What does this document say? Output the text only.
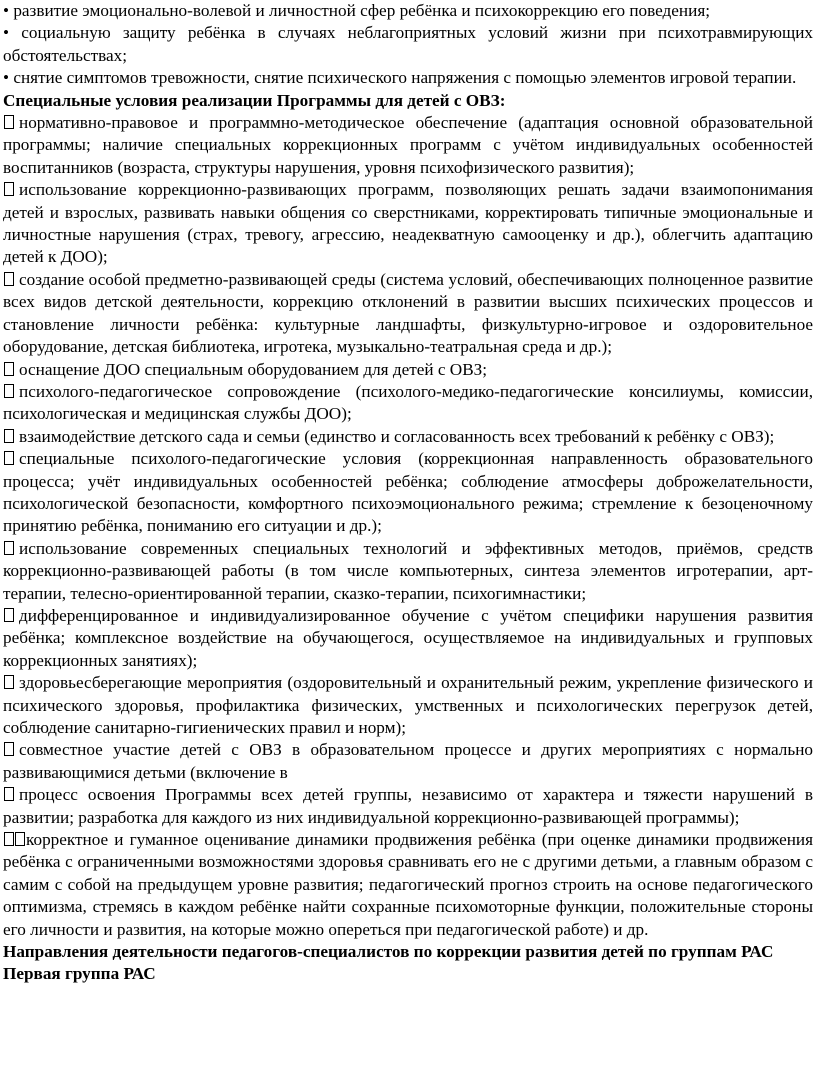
• развитие эмоционально-волевой и личностной сфер ребёнка и психокоррекцию его поведения;

• социальную защиту ребёнка в случаях неблагоприятных условий жизни при психотравмирующих обстоятельствах;

• снятие симптомов тревожности, снятие психического напряжения с помощью элементов игровой терапии.

Специальные условия реализации Программы для детей с ОВЗ:

нормативно-правовое и программно-методическое обеспечение (адаптация основной образовательной программы; наличие специальных коррекционных программ с учётом индивидуальных особенностей воспитанников (возраста, структуры нарушения, уровня психофизического развития);

использование коррекционно-развивающих программ, позволяющих решать задачи взаимопонимания детей и взрослых, развивать навыки общения со сверстниками, корректировать типичные эмоциональные и личностные нарушения (страх, тревогу, агрессию, неадекватную самооценку и др.), облегчить адаптацию детей к ДОО);

создание особой предметно-развивающей среды (система условий, обеспечивающих полноценное развитие всех видов детской деятельности, коррекцию отклонений в развитии высших психических процессов и становление личности ребёнка: культурные ландшафты, физкультурно-игровое и оздоровительное оборудование, детская библиотека, игротека, музыкально-театральная среда и др.);

оснащение ДОО специальным оборудованием для детей с ОВЗ;

психолого-педагогическое сопровождение (психолого-медико-педагогические консилиумы, комиссии, психологическая и медицинская службы ДОО);

взаимодействие детского сада и семьи (единство и согласованность всех требований к ребёнку с ОВЗ);

специальные психолого-педагогические условия (коррекционная направленность образовательного процесса; учёт индивидуальных особенностей ребёнка; соблюдение атмосферы доброжелательности, психологической безопасности, комфортного психоэмоционального режима; стремление к безоценочному принятию ребёнка, пониманию его ситуации и др.);

использование современных специальных технологий и эффективных методов, приёмов, средств коррекционно-развивающей работы (в том числе компьютерных, синтеза элементов игротерапии, арт-терапии, телесно-ориентированной терапии, сказко-терапии, психогимнастики;

дифференцированное и индивидуализированное обучение с учётом специфики нарушения развития ребёнка; комплексное воздействие на обучающегося, осуществляемое на индивидуальных и групповых коррекционных занятиях);

здоровьесберегающие мероприятия (оздоровительный и охранительный режим, укрепление физического и психического здоровья, профилактика физических, умственных и психологических перегрузок детей, соблюдение санитарно-гигиенических правил и норм);

совместное участие детей с ОВЗ в образовательном процессе и других мероприятиях с нормально развивающимися детьми (включение в

процесс освоения Программы всех детей группы, независимо от характера и тяжести нарушений в развитии; разработка для каждого из них индивидуальной коррекционно-развивающей программы);

корректное и гуманное оценивание динамики продвижения ребёнка (при оценке динамики продвижения ребёнка с ограниченными возможностями здоровья сравнивать его не с другими детьми, а главным образом с самим с собой на предыдущем уровне развития; педагогический прогноз строить на основе педагогического оптимизма, стремясь в каждом ребёнке найти сохранные психомоторные функции, положительные стороны его личности и развития, на которые можно опереться при педагогической работе) и др.

Направления деятельности педагогов-специалистов по коррекции развития детей по группам РАС

Первая группа РАС
